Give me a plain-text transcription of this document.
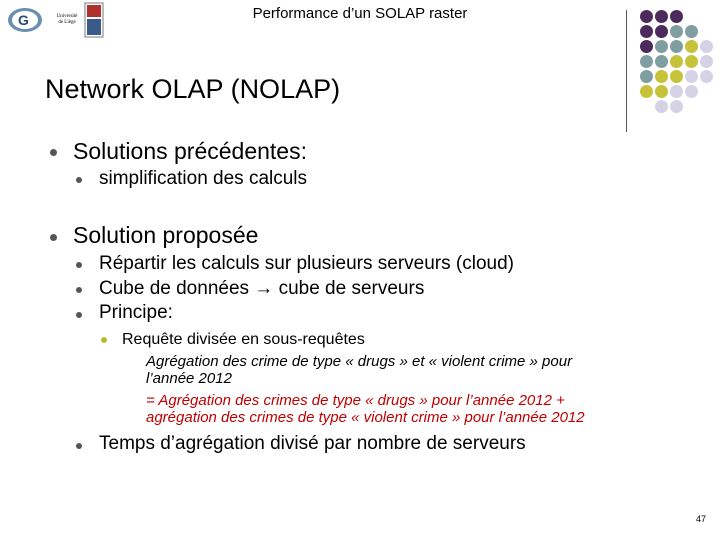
Performance d’un SOLAP raster
G	Université
de Liège
Network OLAP (NOLAP)
Solutions précédentes:
simplification des calculs
Solution proposée
Répartir les calculs sur plusieurs serveurs (cloud)
Cube de données → cube de serveurs
Principe:
Requête divisée en sous-requêtes
Agrégation des crime de type « drugs » et « violent crime » pour
l’année 2012
= Agrégation des crimes de type « drugs » pour l’année 2012 +
agrégation des crimes de type « violent crime » pour l’année 2012
Temps d’agrégation divisé par nombre de serveurs
47
